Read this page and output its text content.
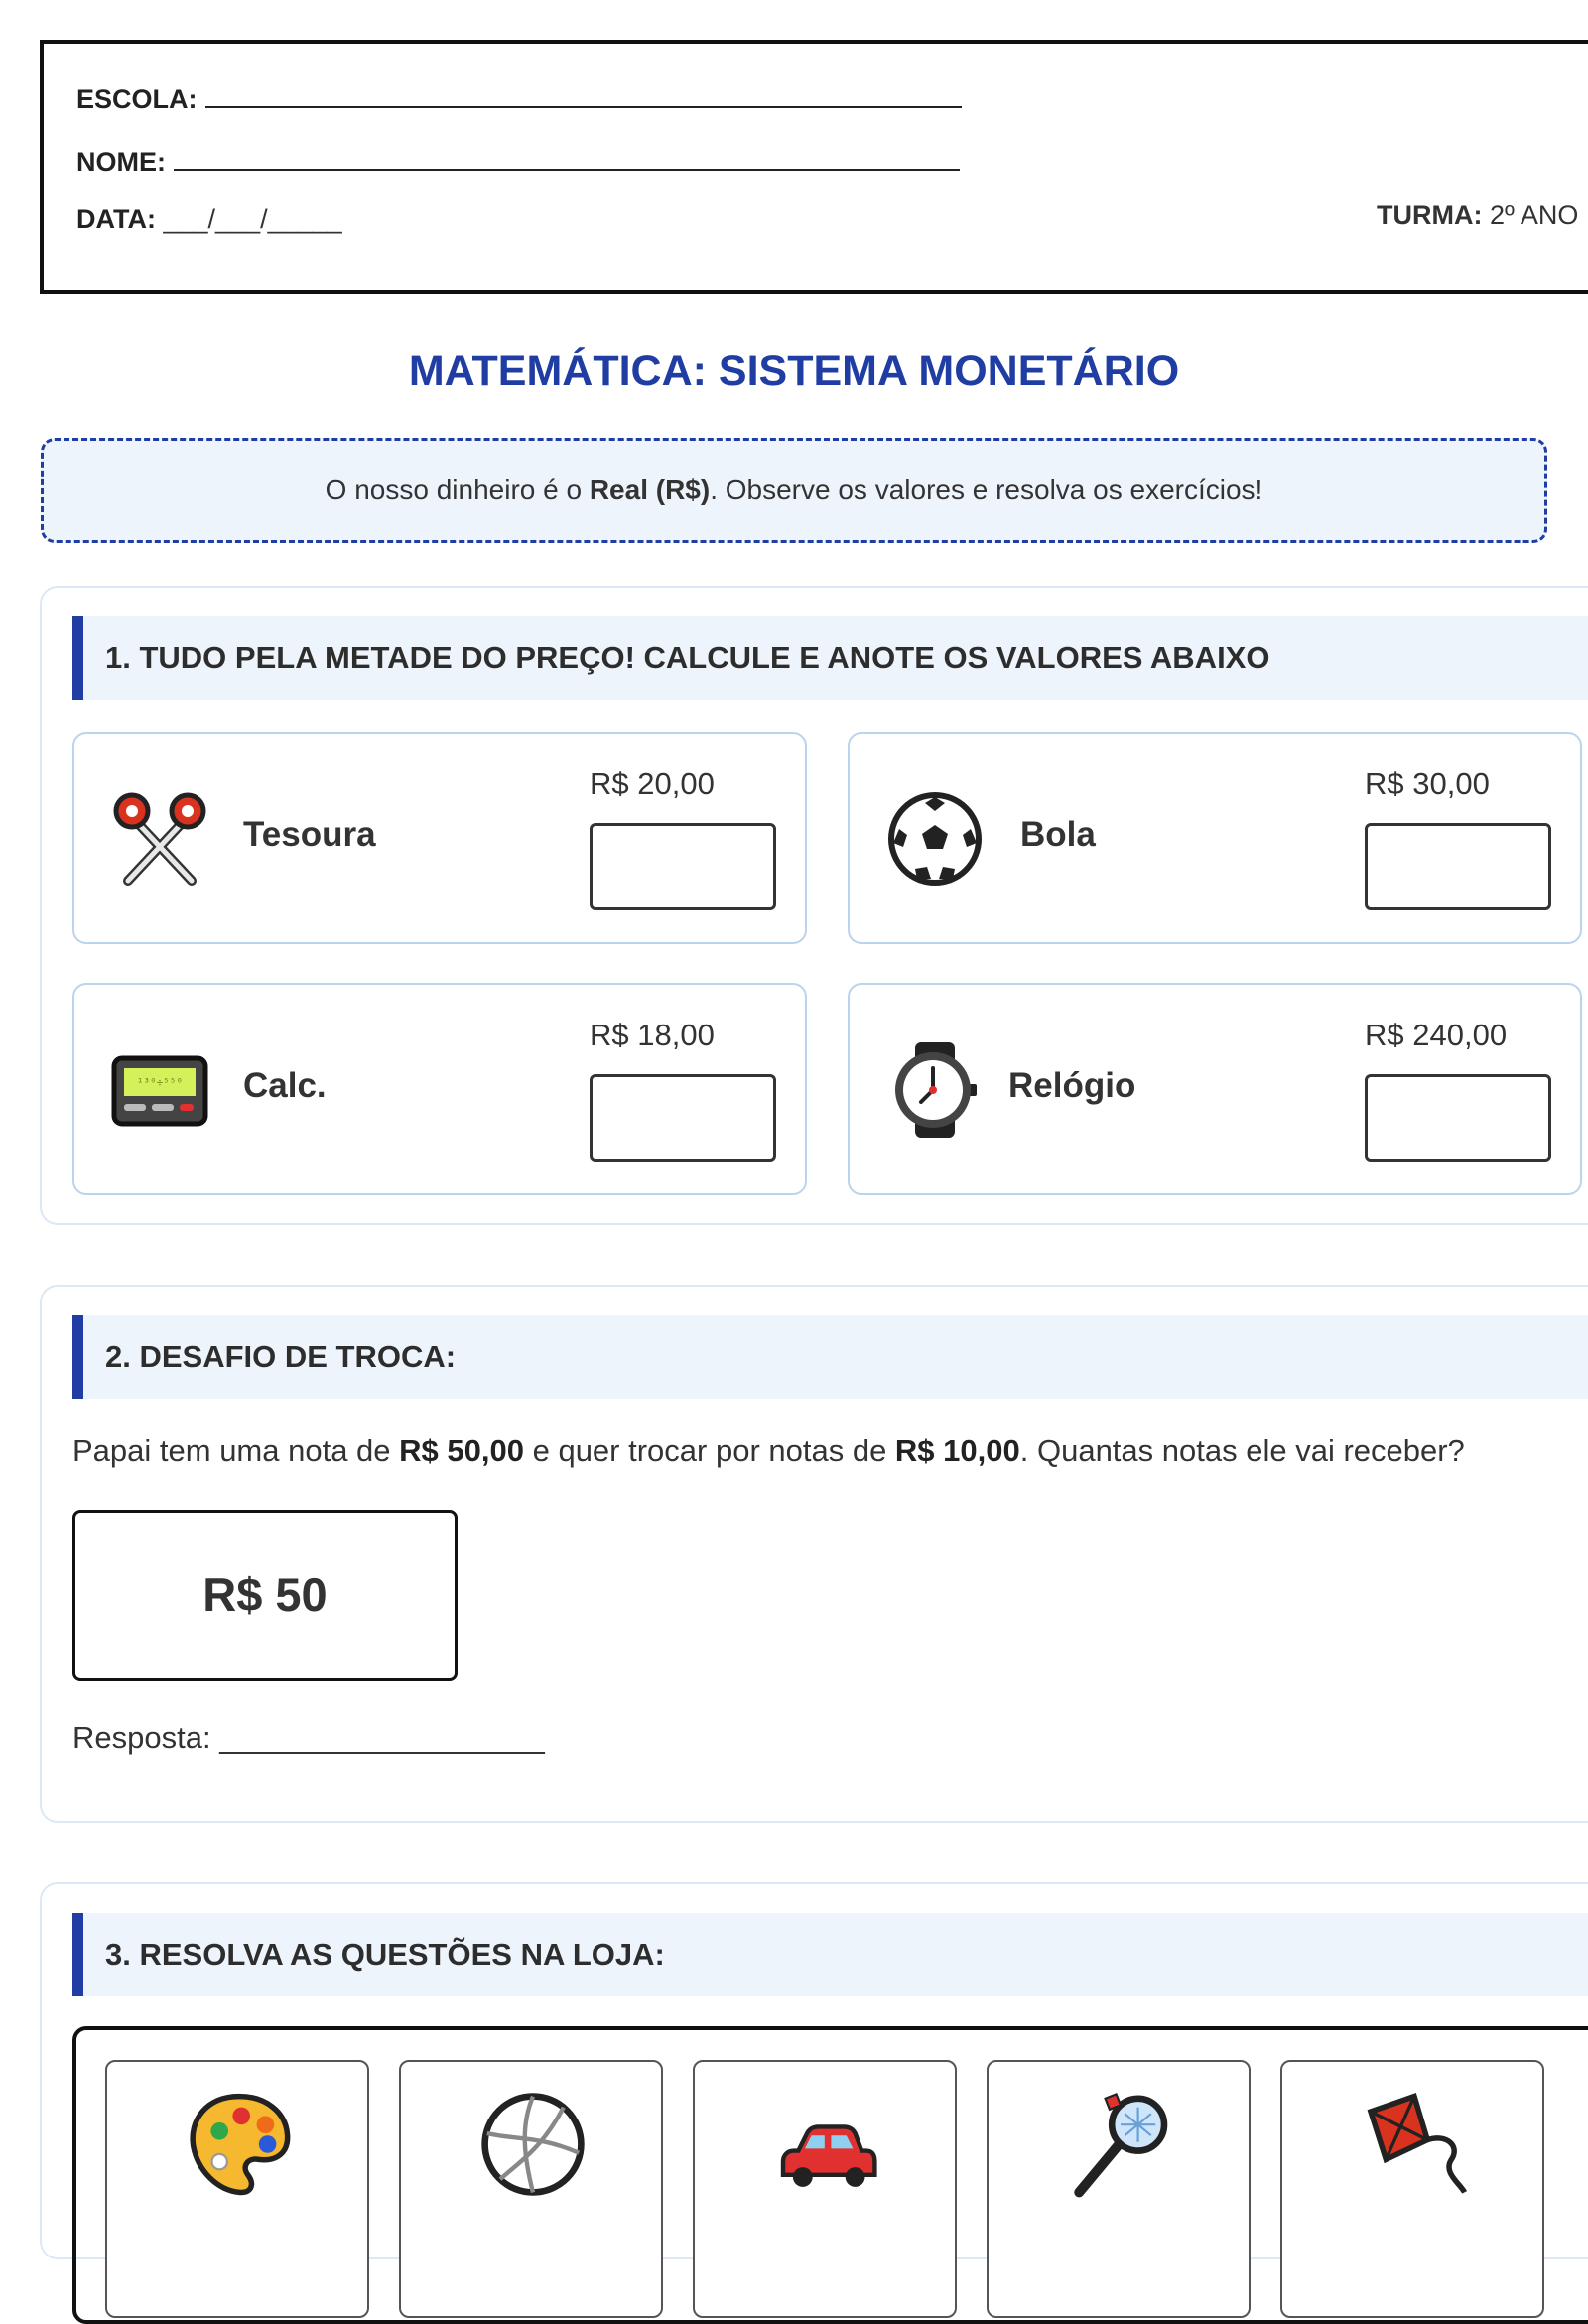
ESCOLA:
NOME:
DATA: ___/___/_____	TURMA: 2º ANO
MATEMÁTICA: SISTEMA MONETÁRIO
O nosso dinheiro é o Real (R$). Observe os valores e resolva os exercícios!
1. TUDO PELA METADE DO PREÇO! CALCULE E ANOTE OS VALORES ABAIXO
Tesoura
R$ 20,00
Bola
R$ 30,00
¹³⁰÷⁵⁵⁰ Calc.
R$ 18,00
Relógio
R$ 240,00
2. DESAFIO DE TROCA:
Papai tem uma nota de R$ 50,00 e quer trocar por notas de R$ 10,00. Quantas notas ele vai receber?
R$ 50
Resposta: ___________________
3. RESOLVA AS QUESTÕES NA LOJA:
